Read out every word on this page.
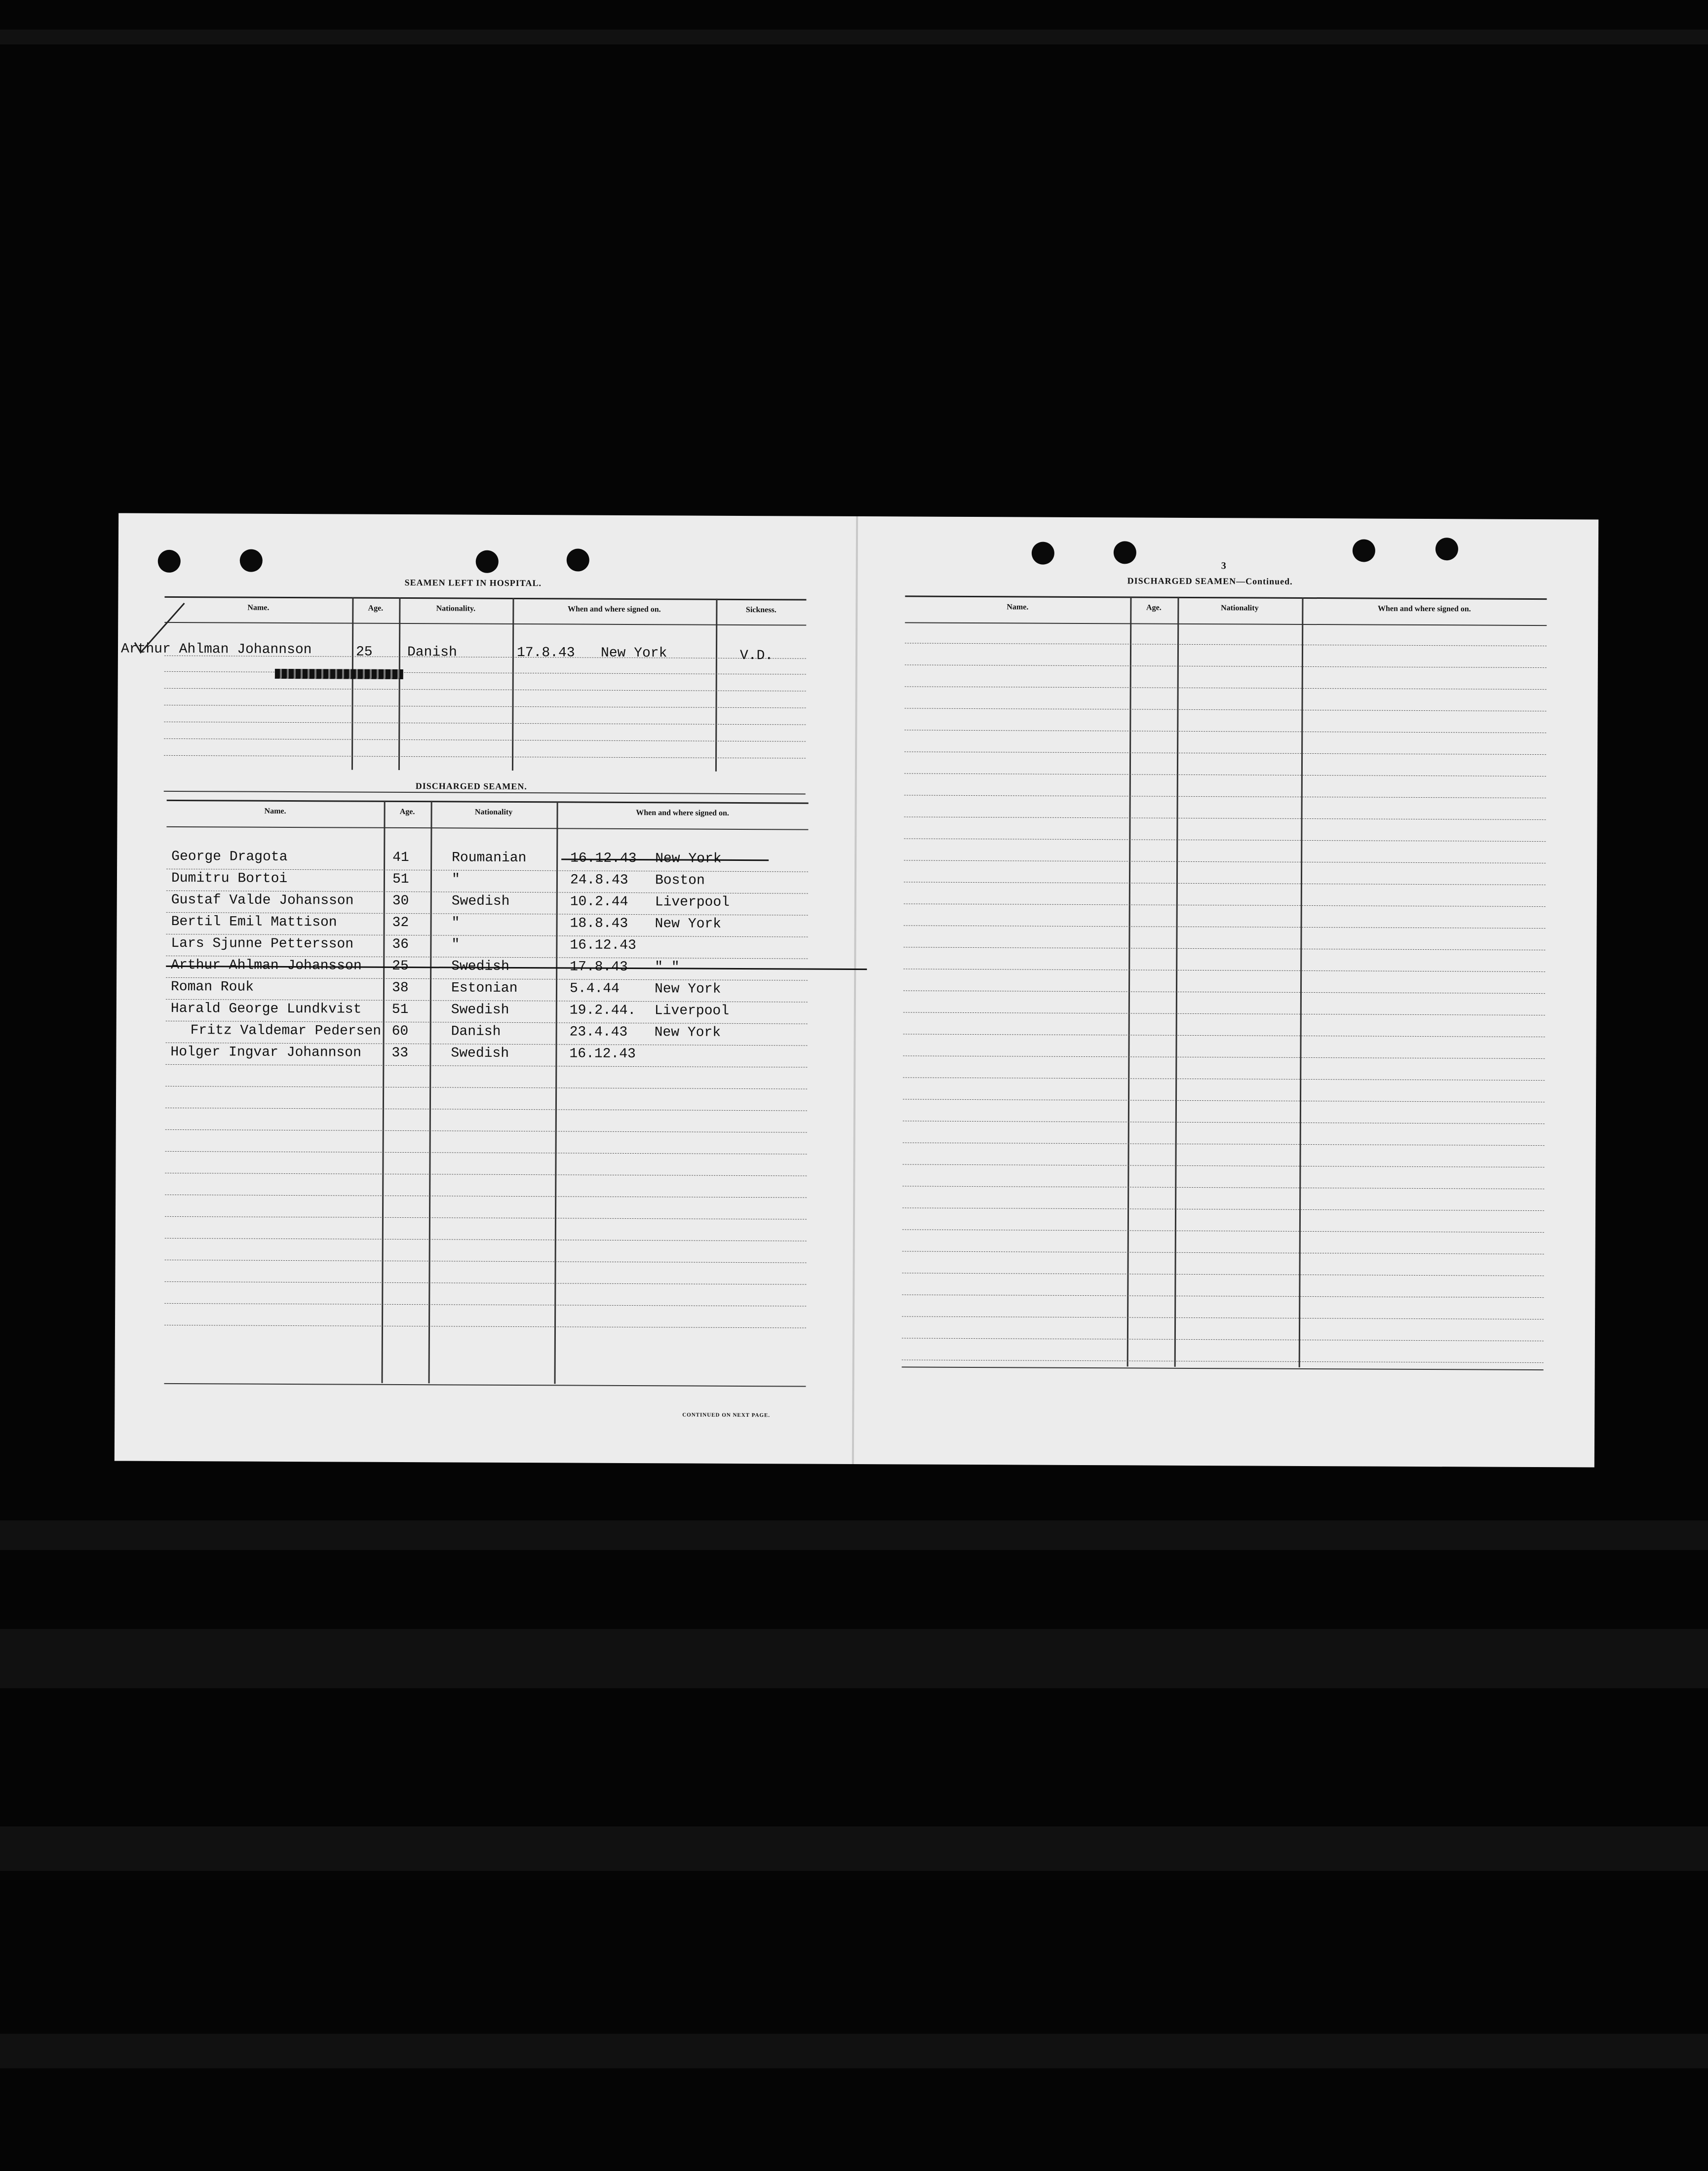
SEAMEN LEFT IN HOSPITAL.
Name.	Age.	Nationality.	When and where signed on.	Sickness.
Arthur Ahlman Johannson	25	Danish	17.8.43 New York	V.D.
DISCHARGED SEAMEN.
Name.	Age.	Nationality	When and where signed on.
George Dragota	41	Roumanian	16.12.43 New York
Dumitru Bortoi	51	"	24.8.43 Boston
Gustaf Valde Johansson	30	Swedish	10.2.44 Liverpool
Bertil Emil Mattison	32	"	18.8.43 New York
Lars Sjunne Pettersson	36	"	16.12.43
Arthur Ahlman Johansson 25	Swedish	17.8.43 " "
Roman Rouk	38	Estonian	5.4.44	New York
Harald George Lundkvist 51	Swedish	19.2.44. Liverpool
Fritz Valdemar Pedersen 60	Danish	23.4.43 New York
Holger Ingvar Johannson 33	Swedish	16.12.43
CONTINUED ON NEXT PAGE.
3
DISCHARGED SEAMEN—Continued.
Name.	Age.	Nationality	When and where signed on.
